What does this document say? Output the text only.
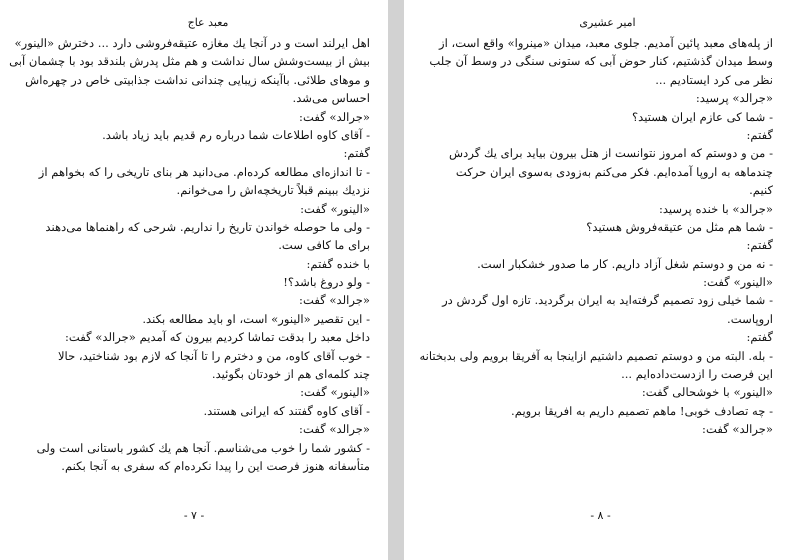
معبد عاج
اهل ایرلند است و در آنجا یك مغازه عتیقه‌فروشی دارد ... دخترش «الینور»
بیش از بیست‌وشش سال نداشت و هم مثل پدرش بلندقد بود با چشمان آبی
و موهای طلائی. باآینکه زیبایی چندانی نداشت جذابیتی خاص در چهره‌اش
احساس می‌شد.
«جرالد» گفت:
- آقای کاوه اطلاعات شما درباره رم قدیم باید زیاد باشد.
گفتم:
- تا اندازه‌ای مطالعه کرده‌ام. می‌دانید هر بنای تاریخی را که بخواهم از
نزدیك ببینم قبلاً تاریخچه‌اش را می‌خوانم.
«الینور» گفت:
- ولی ما حوصله خواندن تاریخ را نداریم. شرحی که راهنماها می‌دهند
برای ما کافی ست.
با خنده گفتم:
- ولو دروغ باشد؟!
«جرالد» گفت:
- این تقصیر «الینور» است، او باید مطالعه بکند.
داخل معبد را بدقت تماشا کردیم بیرون که آمدیم «جرالد» گفت:
- خوب آقای کاوه، من و دخترم را تا آنجا که لازم بود شناختید، حالا
چند کلمه‌ای هم از خودتان بگوئید.
«الینور» گفت:
- آقای کاوه گفتند که ایرانی هستند.
«جرالد» گفت:
- کشور شما را خوب می‌شناسم. آنجا هم یك کشور باستانی است ولی
متأسفانه هنوز فرصت این را پیدا نکرده‌ام که سفری به آنجا بکنم.
- ۷ -
امیر عشیری
از پله‌های معبد پائین آمدیم. جلوی معبد، میدان «مینروا» واقع است، از
وسط میدان گذشتیم، کنار حوض آبی که ستونی سنگی در وسط آن جلب
نظر می کرد ایستادیم ...
«جرالد» پرسید:
- شما کی عازم ایران هستید؟
گفتم:
- من و دوستم که امروز نتوانست از هتل بیرون بیاید برای یك گردش
چندماهه به اروپا آمده‌ایم. فکر می‌کنم به‌زودی به‌سوی ایران حرکت
کنیم.
«جرالد» با خنده پرسید:
- شما هم مثل من عتیقه‌فروش هستید؟
گفتم:
- نه من و دوستم شغل آزاد داریم. کار ما صدور خشکبار است.
«الینور» گفت:
- شما خیلی زود تصمیم گرفته‌اید به ایران برگردید. تازه اول گردش در
اروپاست.
گفتم:
- بله. البته من و دوستم تصمیم داشتیم ازاینجا به آفریقا برویم ولی بدبختانه
این فرصت را ازدست‌داده‌ایم ...
«الینور» با خوشحالی گفت:
- چه تصادف خوبی! ماهم تصمیم داریم به افریقا برویم.
«جرالد» گفت:
- ۸ -
